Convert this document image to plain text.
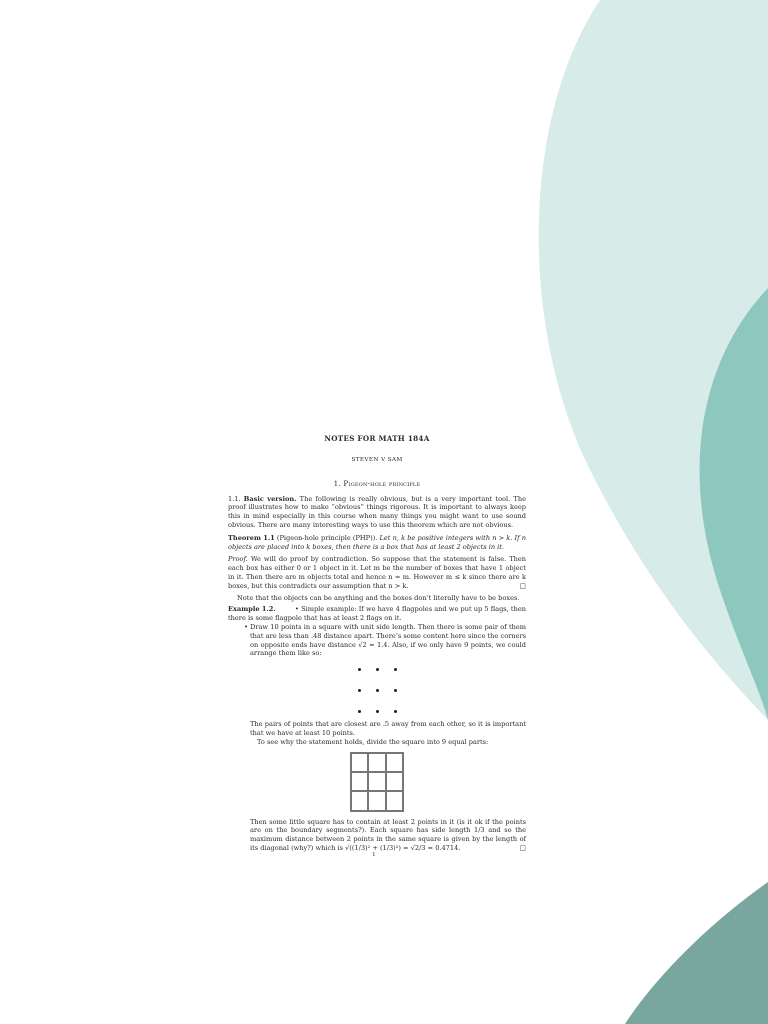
NOTES FOR MATH 184A
STEVEN V SAM
1. Pigeon-hole principle

1.1. Basic version. The following is really obvious, but is a very important tool. The proof illustrates how to make “obvious” things rigorous. It is important to always keep this in mind especially in this course when many things you might want to use sound obvious. There are many interesting ways to use this theorem which are not obvious.

Theorem 1.1 (Pigeon-hole principle (PHP)). Let n, k be positive integers with n > k. If n objects are placed into k boxes, then there is a box that has at least 2 objects in it.

Proof. We will do proof by contradiction. So suppose that the statement is false. Then each box has either 0 or 1 object in it. Let m be the number of boxes that have 1 object in it. Then there are m objects total and hence n = m. However m ≤ k since there are k boxes, but this contradicts our assumption that n > k.	□

Note that the objects can be anything and the boxes don’t literally have to be boxes.

Example 1.2.	• Simple example: If we have 4 flagpoles and we put up 5 flags, then there is some flagpole that has at least 2 flags on it.

• Draw 10 points in a square with unit side length. Then there is some pair of them that are less than .48 distance apart. There’s some content here since the corners on opposite ends have distance √2 ≈ 1.4. Also, if we only have 9 points, we could arrange them like so:
The pairs of points that are closest are .5 away from each other, so it is important that we have at least 10 points.
To see why the statement holds, divide the square into 9 equal parts:
Then some little square has to contain at least 2 points in it (is it ok if the points are on the boundary segments?). Each square has side length 1/3 and so the maximum distance between 2 points in the same square is given by the length of its diagonal (why?) which is √((1/3)² + (1/3)²) = √2/3 ≈ 0.4714.	□
1
